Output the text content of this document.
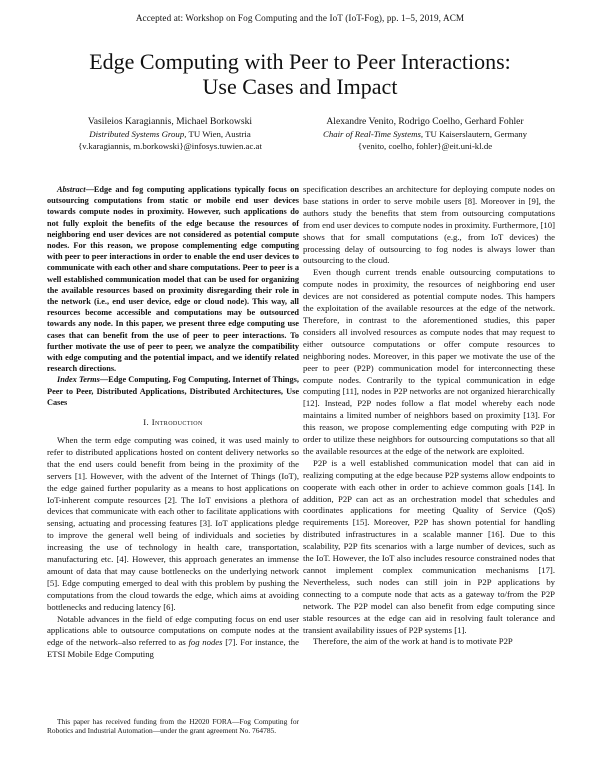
Accepted at: Workshop on Fog Computing and the IoT (IoT-Fog), pp. 1–5, 2019, ACM
Edge Computing with Peer to Peer Interactions:
Use Cases and Impact
Vasileios Karagiannis, Michael Borkowski
Distributed Systems Group, TU Wien, Austria
{v.karagiannis, m.borkowski}@infosys.tuwien.ac.at
Alexandre Venito, Rodrigo Coelho, Gerhard Fohler
Chair of Real-Time Systems, TU Kaiserslautern, Germany
{venito, coelho, fohler}@eit.uni-kl.de

Abstract—Edge and fog computing applications typically focus on outsourcing computations from static or mobile end user devices towards compute nodes in proximity. However, such applications do not fully exploit the benefits of the edge because the resources of neighboring end user devices are not considered as potential compute nodes. For this reason, we propose complementing edge computing with peer to peer interactions in order to enable the end user devices to communicate with each other and share computations. Peer to peer is a well established communication model that can be used for organizing the available resources based on proximity disregarding their role in the network (i.e., end user device, edge or cloud node). This way, all resources become accessible and computations may be outsourced towards any node. In this paper, we present three edge computing use cases that can benefit from the use of peer to peer interactions. To further motivate the use of peer to peer, we analyze the compatibility with edge computing and the potential impact, and we identify related research directions.

Index Terms—Edge Computing, Fog Computing, Internet of Things, Peer to Peer, Distributed Applications, Distributed Architectures, Use Cases

I. Introduction

When the term edge computing was coined, it was used mainly to refer to distributed applications hosted on content delivery networks so that the end users could benefit from being in the proximity of the servers [1]. However, with the advent of the Internet of Things (IoT), the edge gained further popularity as a means to host applications on IoT-inherent compute resources [2]. The IoT envisions a plethora of devices that communicate with each other to facilitate applications with sensing, actuating and processing features [3]. IoT applications pledge to improve the general well being of individuals and societies by increasing the use of technology in health care, transportation, manufacturing etc. [4]. However, this approach generates an immense amount of data that may cause bottlenecks on the underlying network [5]. Edge computing emerged to deal with this problem by pushing the computations from the cloud towards the edge, which aims at avoiding bottlenecks and reducing latency [6].

Notable advances in the field of edge computing focus on end user applications able to outsource computations on compute nodes at the edge of the network–also referred to as fog nodes [7]. For instance, the ETSI Mobile Edge Computing

This paper has received funding from the H2020 FORA—Fog Computing for Robotics and Industrial Automation—under the grant agreement No. 764785.

specification describes an architecture for deploying compute nodes on base stations in order to serve mobile users [8]. Moreover in [9], the authors study the benefits that stem from outsourcing computations from end user devices to compute nodes in proximity. Furthermore, [10] shows that for small computations (e.g., from IoT devices) the processing delay of outsourcing to fog nodes is always lower than outsourcing to the cloud.

Even though current trends enable outsourcing computations to compute nodes in proximity, the resources of neighboring end user devices are not considered as potential compute nodes. This hampers the exploitation of the available resources at the edge of the network. Therefore, in contrast to the aforementioned studies, this paper considers all involved resources as compute nodes that may request to either outsource computations or offer compute resources to neighboring nodes. Moreover, in this paper we motivate the use of the peer to peer (P2P) communication model for interconnecting these compute nodes. Contrarily to the typical communication in edge computing [11], nodes in P2P networks are not organized hierarchically [12]. Instead, P2P nodes follow a flat model whereby each node maintains a limited number of neighbors based on proximity [13]. For this reason, we propose complementing edge computing with P2P in order to utilize these neighbors for outsourcing computations so that all the available resources at the edge of the network are exploited.

P2P is a well established communication model that can aid in realizing computing at the edge because P2P systems allow endpoints to cooperate with each other in order to achieve common goals [14]. In addition, P2P can act as an orchestration model that schedules and coordinates applications for meeting Quality of Service (QoS) requirements [15]. Moreover, P2P has shown potential for handling distributed infrastructures in a scalable manner [16]. Due to this scalability, P2P fits scenarios with a large number of devices, such as the IoT. However, the IoT also includes resource constrained nodes that cannot implement complex communication mechanisms [17]. Nevertheless, such nodes can still join in P2P applications by connecting to a compute node that acts as a gateway to/from the P2P network. The P2P model can also benefit from edge computing since stable resources at the edge can aid in resolving fault tolerance and transient availability issues of P2P systems [1].

Therefore, the aim of the work at hand is to motivate P2P
